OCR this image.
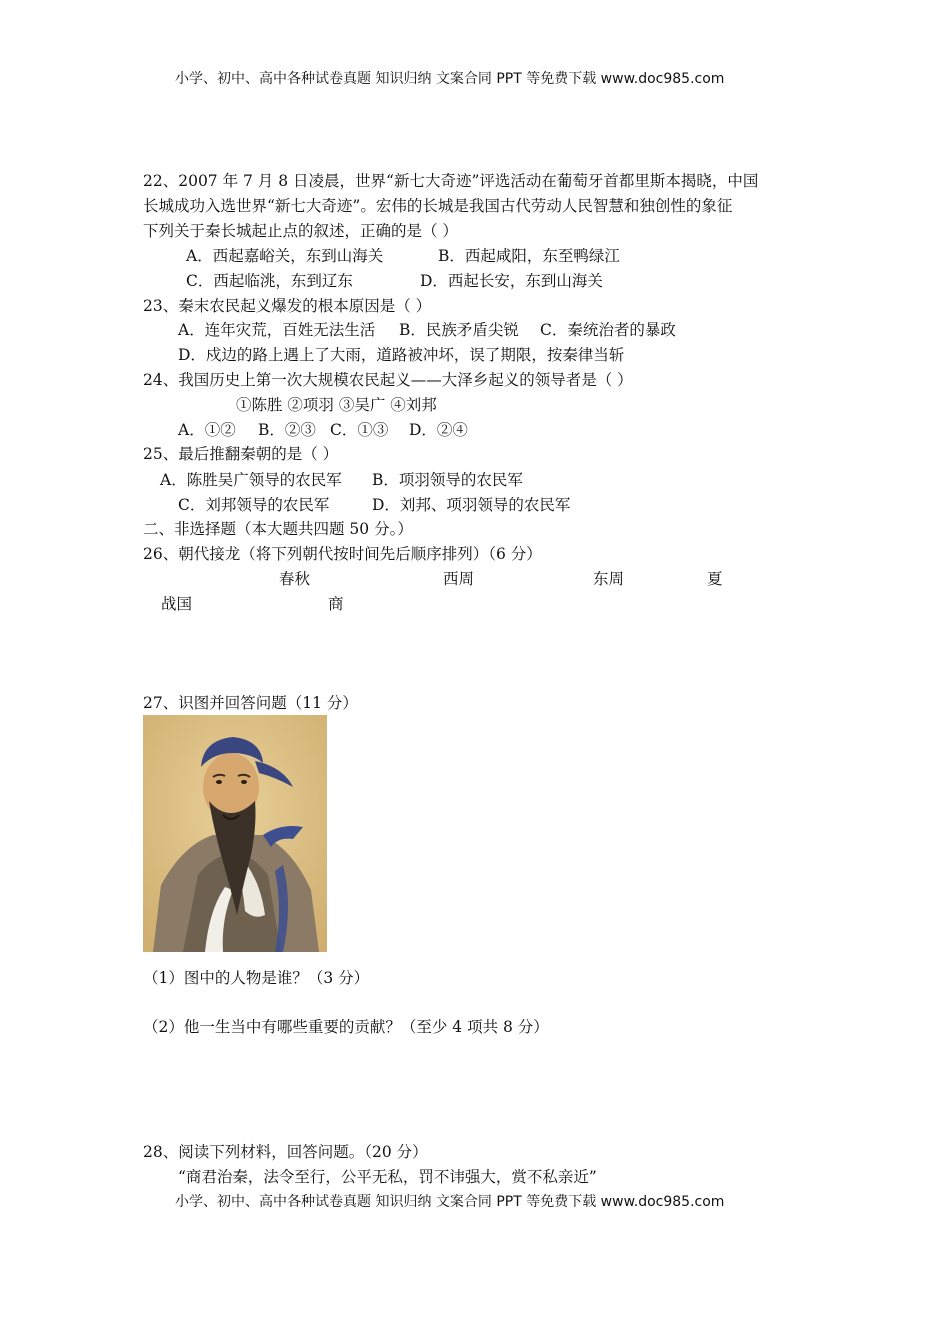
小学、初中、高中各种试卷真题 知识归纳 文案合同 PPT 等免费下载 www.doc985.com
22、2007 年 7 月 8 日凌晨，世界“新七大奇迹”评选活动在葡萄牙首都里斯本揭晓，中国
长城成功入选世界“新七大奇迹”。宏伟的长城是我国古代劳动人民智慧和独创性的象征
下列关于秦长城起止点的叙述，正确的是（ ）
A．西起嘉峪关，东到山海关	B．西起咸阳，东至鸭绿江
C．西起临洮，东到辽东	D．西起长安，东到山海关
23、秦末农民起义爆发的根本原因是（ ）
A．连年灾荒，百姓无法生活 B．民族矛盾尖锐 C．秦统治者的暴政
D．戍边的路上遇上了大雨，道路被冲坏，误了期限，按秦律当斩
24、我国历史上第一次大规模农民起义——大泽乡起义的领导者是（ ）
①陈胜 ②项羽 ③吴广 ④刘邦
A．①② B．②③ C．①③ D．②④
25、最后推翻秦朝的是（ ）
A．陈胜吴广领导的农民军 B．项羽领导的农民军
C．刘邦领导的农民军	D．刘邦、项羽领导的农民军
二、非选择题（本大题共四题 50 分。）
26、朝代接龙（将下列朝代按时间先后顺序排列）（6 分）
春秋	西周	东周	夏
战国	商
27、识图并回答问题（11 分）
（1）图中的人物是谁？（3 分）
（2）他一生当中有哪些重要的贡献？（至少 4 项共 8 分）
28、阅读下列材料，回答问题。（20 分）
“商君治秦，法令至行，公平无私，罚不讳强大，赏不私亲近”
小学、初中、高中各种试卷真题 知识归纳 文案合同 PPT 等免费下载 www.doc985.com
